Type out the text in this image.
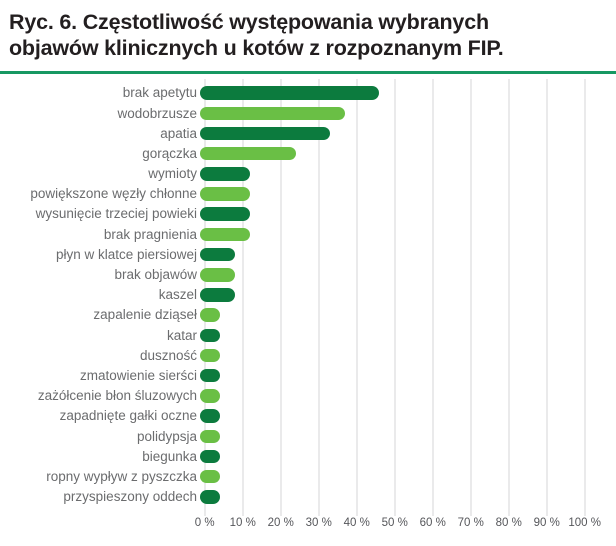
Ryc. 6. Częstotliwość występowania wybranych objawów klinicznych u kotów z rozpoznanym FIP.
brak apetytu
wodobrzusze
apatia
gorączka
wymioty
powiększone węzły chłonne
wysunięcie trzeciej powieki
brak pragnienia
płyn w klatce piersiowej
brak objawów
kaszel
zapalenie dziąseł
katar
duszność
zmatowienie sierści
zażółcenie błon śluzowych
zapadnięte gałki oczne
polidypsja
biegunka
ropny wypływ z pyszczka
przyspieszony oddech
0 % 10 % 20 % 30 % 40 % 50 % 60 % 70 % 80 % 90 % 100 %
